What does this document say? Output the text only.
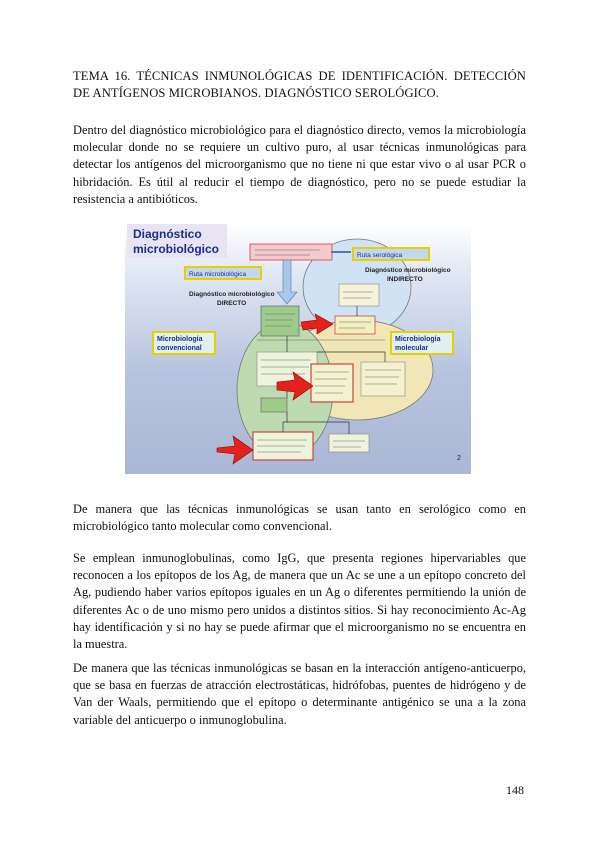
TEMA 16. TÉCNICAS INMUNOLÓGICAS DE IDENTIFICACIÓN. DETECCIÓN DE ANTÍGENOS MICROBIANOS. DIAGNÓSTICO SEROLÓGICO.
Dentro del diagnóstico microbiológico para el diagnóstico directo, vemos la microbiología molecular donde no se requiere un cultivo puro, al usar técnicas inmunológicas para detectar los antígenos del microorganismo que no tiene ni que estar vivo o al usar PCR o hibridación. Es útil al reducir el tiempo de diagnóstico, pero no se puede estudiar la resistencia a antibióticos.
De manera que las técnicas inmunológicas se usan tanto en serológico como en microbiológico tanto molecular como convencional.
Se emplean inmunoglobulinas, como IgG, que presenta regiones hipervariables que reconocen a los epítopos de los Ag, de manera que un Ac se une a un epítopo concreto del Ag, pudiendo haber varios epítopos iguales en un Ag o diferentes permitiendo la unión de diferentes Ac o de uno mismo pero unidos a distintos sitios. Si hay reconocimiento Ac-Ag hay identificación y si no hay se puede afirmar que el microorganismo no se encuentra en la muestra.
De manera que las técnicas inmunológicas se basan en la interacción antígeno-anticuerpo, que se basa en fuerzas de atracción electrostáticas, hidrófobas, puentes de hidrógeno y de Van der Waals, permitiendo que el epítopo o determinante antigénico se una a la zona variable del anticuerpo o inmunoglobulina.
Diagnóstico
microbiológico	Ruta serológica
Diagnóstico microbiológico
INDIRECTO
Ruta microbiológica
Diagnóstico microbiológico
DIRECTO
Microbiología
convencional
Microbiología
molecular
2
148
